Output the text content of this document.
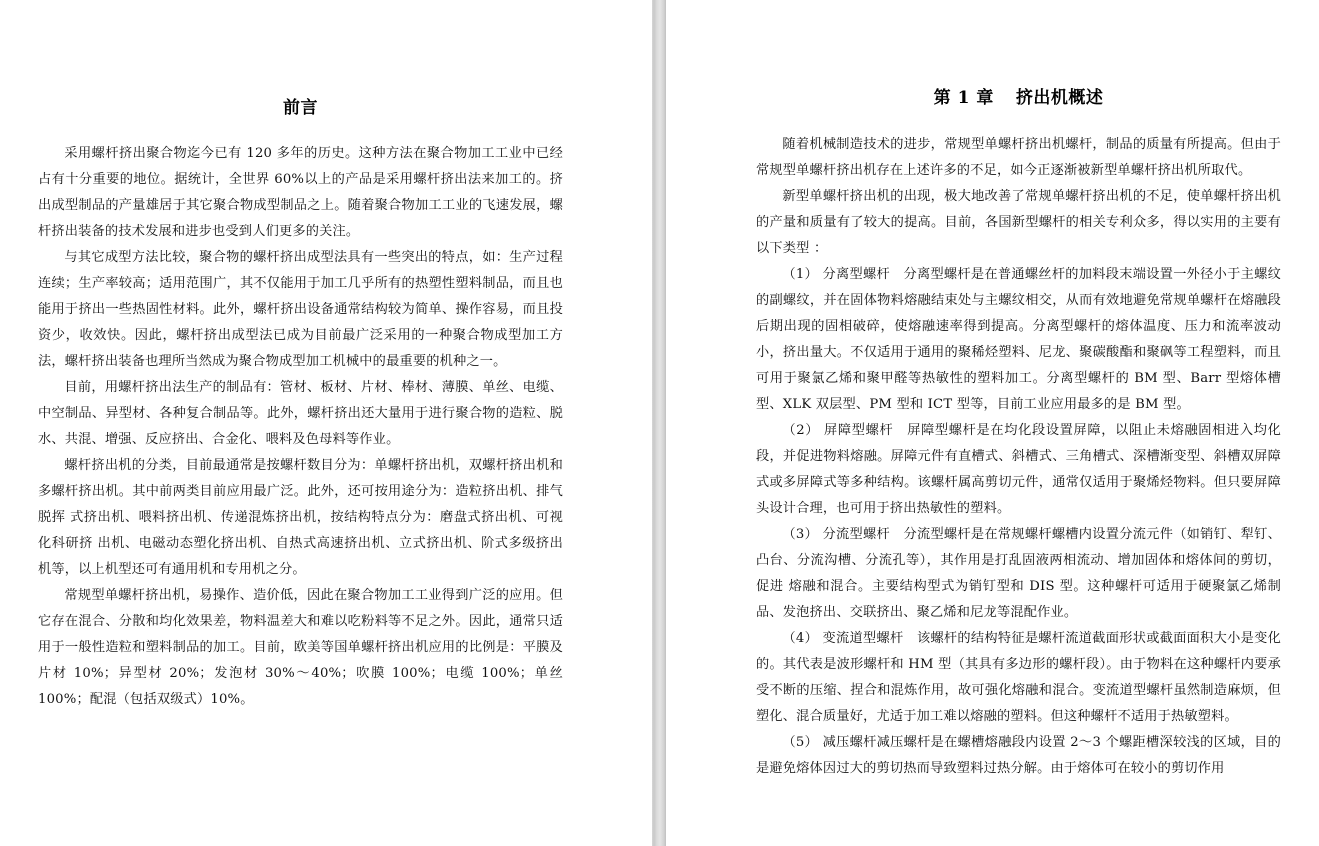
前言

采用螺杆挤出聚合物迄今已有 120 多年的历史。这种方法在聚合物加工工业中已经占有十分重要的地位。据统计，全世界 60%以上的产品是采用螺杆挤出法来加工的。挤出成型制品的产量雄居于其它聚合物成型制品之上。随着聚合物加工工业的飞速发展，螺杆挤出装备的技术发展和进步也受到人们更多的关注。

与其它成型方法比较，聚合物的螺杆挤出成型法具有一些突出的特点，如：生产过程连续；生产率较高；适用范围广，其不仅能用于加工几乎所有的热塑性塑料制品，而且也能用于挤出一些热固性材料。此外，螺杆挤出设备通常结构较为简单、操作容易，而且投资少，收效快。因此，螺杆挤出成型法已成为目前最广泛采用的一种聚合物成型加工方法，螺杆挤出装备也理所当然成为聚合物成型加工机械中的最重要的机种之一。

目前，用螺杆挤出法生产的制品有：管材、板材、片材、棒材、薄膜、单丝、电缆、中空制品、异型材、各种复合制品等。此外，螺杆挤出还大量用于进行聚合物的造粒、脱水、共混、增强、反应挤出、合金化、喂料及色母料等作业。

螺杆挤出机的分类，目前最通常是按螺杆数目分为：单螺杆挤出机，双螺杆挤出机和多螺杆挤出机。其中前两类目前应用最广泛。此外，还可按用途分为：造粒挤出机、排气脱挥 式挤出机、喂料挤出机、传递混炼挤出机，按结构特点分为：磨盘式挤出机、可视化科研挤 出机、电磁动态塑化挤出机、自热式高速挤出机、立式挤出机、阶式多级挤出机等，以上机型还可有通用机和专用机之分。

常规型单螺杆挤出机，易操作、造价低，因此在聚合物加工工业得到广泛的应用。但它存在混合、分散和均化效果差，物料温差大和难以吃粉料等不足之外。因此，通常只适用于一般性造粒和塑料制品的加工。目前，欧美等国单螺杆挤出机应用的比例是：平膜及片材 10%；异型材 20%；发泡材 30%～40%；吹膜 100%；电缆 100%；单丝 100%；配混（包括双级式）10%。

第 1 章 挤出机概述

随着机械制造技术的进步，常规型单螺杆挤出机螺杆，制品的质量有所提高。但由于常规型单螺杆挤出机存在上述许多的不足，如今正逐渐被新型单螺杆挤出机所取代。

新型单螺杆挤出机的出现，极大地改善了常规单螺杆挤出机的不足，使单螺杆挤出机的产量和质量有了较大的提高。目前，各国新型螺杆的相关专利众多，得以实用的主要有以下类型 ：

（1） 分离型螺杆　分离型螺杆是在普通螺丝杆的加料段末端设置一外径小于主螺纹的副螺纹，并在固体物料熔融结束处与主螺纹相交，从而有效地避免常规单螺杆在熔融段后期出现的固相破碎，使熔融速率得到提高。分离型螺杆的熔体温度、压力和流率波动小，挤出量大。不仅适用于通用的聚稀烃塑料、尼龙、聚碳酸酯和聚砜等工程塑料，而且可用于聚氯乙烯和聚甲醛等热敏性的塑料加工。分离型螺杆的 BM 型、Barr 型熔体槽型、XLK 双层型、PM 型和 ICT 型等，目前工业应用最多的是 BM 型。

（2） 屏障型螺杆　屏障型螺杆是在均化段设置屏障，以阻止未熔融固相进入均化段，并促进物料熔融。屏障元件有直槽式、斜槽式、三角槽式、深槽渐变型、斜槽双屏障式或多屏障式等多种结构。该螺杆属高剪切元件，通常仅适用于聚烯烃物料。但只要屏障头设计合理，也可用于挤出热敏性的塑料。

（3） 分流型螺杆　分流型螺杆是在常规螺杆螺槽内设置分流元件（如销钉、犁钉、凸台、分流沟槽、分流孔等），其作用是打乱固液两相流动、增加固体和熔体间的剪切，促进 熔融和混合。主要结构型式为销钉型和 DIS 型。这种螺杆可适用于硬聚氯乙烯制品、发泡挤出、交联挤出、聚乙烯和尼龙等混配作业。

（4） 变流道型螺杆　该螺杆的结构特征是螺杆流道截面形状或截面面积大小是变化的。其代表是波形螺杆和 HM 型（其具有多边形的螺杆段）。由于物料在这种螺杆内要承受不断的压缩、捏合和混炼作用，故可强化熔融和混合。变流道型螺杆虽然制造麻烦，但塑化、混合质量好，尤适于加工难以熔融的塑料。但这种螺杆不适用于热敏塑料。

（5） 减压螺杆减压螺杆是在螺槽熔融段内设置 2～3 个螺距槽深较浅的区域，目的是避免熔体因过大的剪切热而导致塑料过热分解。由于熔体可在较小的剪切作用
